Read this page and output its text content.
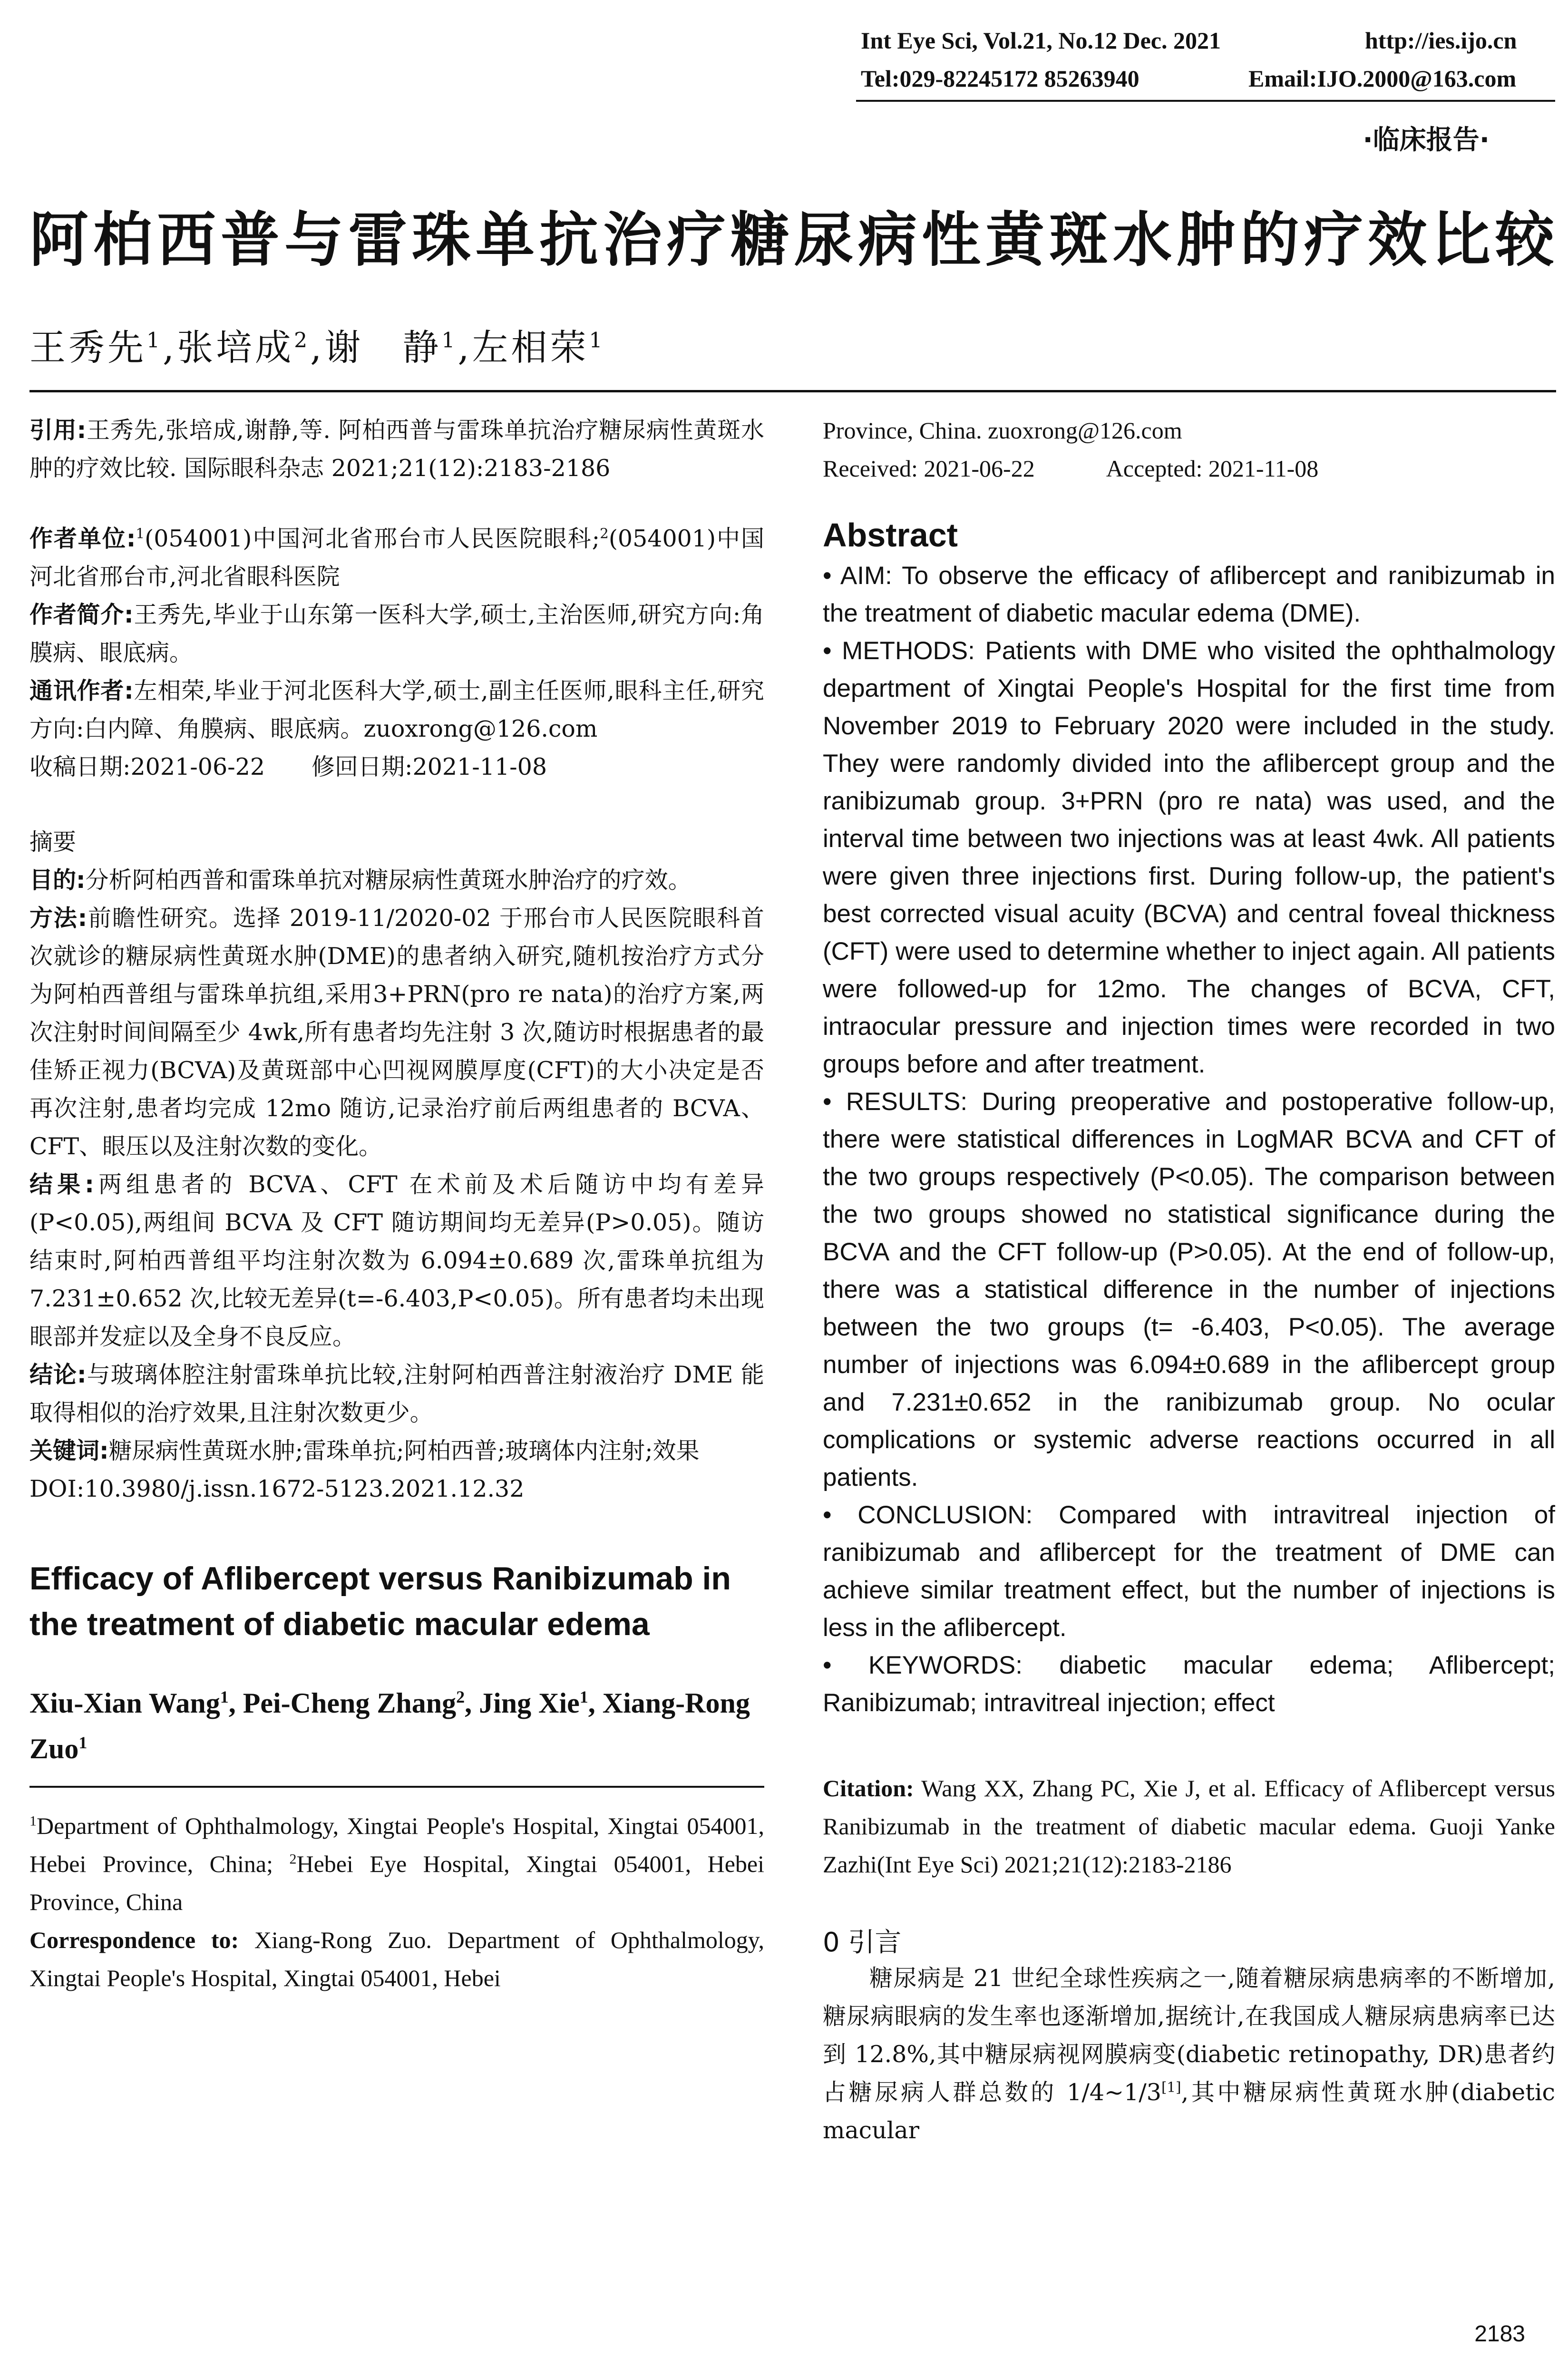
Int Eye Sci, Vol.21, No.12 Dec. 2021	http://ies.ijo.cn
Tel:029-82245172 85263940	Email:IJO.2000@163.com
·临床报告·
阿柏西普与雷珠单抗治疗糖尿病性黄斑水肿的疗效比较
王秀先$^1$,张培成$^2$,谢　静$^1$,左相荣$^1$

引用:王秀先,张培成,谢静,等. 阿柏西普与雷珠单抗治疗糖尿病性黄斑水肿的疗效比较. 国际眼科杂志 2021;21(12):2183-2186

作者单位:$^1$(054001)中国河北省邢台市人民医院眼科;$^2$(054001)中国河北省邢台市,河北省眼科医院

作者简介:王秀先,毕业于山东第一医科大学,硕士,主治医师,研究方向:角膜病、眼底病。

通讯作者:左相荣,毕业于河北医科大学,硕士,副主任医师,眼科主任,研究方向:白内障、角膜病、眼底病。zuoxrong@126.com

收稿日期:2021-06-22　　修回日期:2021-11-08

摘要

目的:分析阿柏西普和雷珠单抗对糖尿病性黄斑水肿治疗的疗效。

方法:前瞻性研究。选择 2019-11/2020-02 于邢台市人民医院眼科首次就诊的糖尿病性黄斑水肿(DME)的患者纳入研究,随机按治疗方式分为阿柏西普组与雷珠单抗组,采用3+PRN(pro re nata)的治疗方案,两次注射时间间隔至少 4wk,所有患者均先注射 3 次,随访时根据患者的最佳矫正视力(BCVA)及黄斑部中心凹视网膜厚度(CFT)的大小决定是否再次注射,患者均完成 12mo 随访,记录治疗前后两组患者的 BCVA、CFT、眼压以及注射次数的变化。

结果:两组患者的 BCVA、CFT 在术前及术后随访中均有差异(P<0.05),两组间 BCVA 及 CFT 随访期间均无差异(P>0.05)。随访结束时,阿柏西普组平均注射次数为 6.094±0.689 次,雷珠单抗组为 7.231±0.652 次,比较无差异(t=-6.403,P<0.05)。所有患者均未出现眼部并发症以及全身不良反应。

结论:与玻璃体腔注射雷珠单抗比较,注射阿柏西普注射液治疗 DME 能取得相似的治疗效果,且注射次数更少。

关键词:糖尿病性黄斑水肿;雷珠单抗;阿柏西普;玻璃体内注射;效果

DOI:10.3980/j.issn.1672-5123.2021.12.32

Efficacy of Aflibercept versus Ranibizumab in the treatment of diabetic macular edema

Xiu-Xian Wang$^1$, Pei-Cheng Zhang$^2$, Jing Xie$^1$, Xiang-Rong Zuo$^1$

$^1$Department of Ophthalmology, Xingtai People's Hospital, Xingtai 054001, Hebei Province, China; $^2$Hebei Eye Hospital, Xingtai 054001, Hebei Province, China

Correspondence to: Xiang-Rong Zuo. Department of Ophthalmology, Xingtai People's Hospital, Xingtai 054001, Hebei

Province, China. zuoxrong@126.com

Received: 2021-06-22	Accepted: 2021-11-08

Abstract

• AIM: To observe the efficacy of aflibercept and ranibizumab in the treatment of diabetic macular edema (DME).

• METHODS: Patients with DME who visited the ophthalmology department of Xingtai People's Hospital for the first time from November 2019 to February 2020 were included in the study. They were randomly divided into the aflibercept group and the ranibizumab group. 3+PRN (pro re nata) was used, and the interval time between two injections was at least 4wk. All patients were given three injections first. During follow-up, the patient's best corrected visual acuity (BCVA) and central foveal thickness (CFT) were used to determine whether to inject again. All patients were followed-up for 12mo. The changes of BCVA, CFT, intraocular pressure and injection times were recorded in two groups before and after treatment.

• RESULTS: During preoperative and postoperative follow-up, there were statistical differences in LogMAR BCVA and CFT of the two groups respectively (P<0.05). The comparison between the two groups showed no statistical significance during the BCVA and the CFT follow-up (P>0.05). At the end of follow-up, there was a statistical difference in the number of injections between the two groups (t= -6.403, P<0.05). The average number of injections was 6.094±0.689 in the aflibercept group and 7.231±0.652 in the ranibizumab group. No ocular complications or systemic adverse reactions occurred in all patients.

• CONCLUSION: Compared with intravitreal injection of ranibizumab and aflibercept for the treatment of DME can achieve similar treatment effect, but the number of injections is less in the aflibercept.

• KEYWORDS: diabetic macular edema; Aflibercept; Ranibizumab; intravitreal injection; effect

Citation: Wang XX, Zhang PC, Xie J, et al. Efficacy of Aflibercept versus Ranibizumab in the treatment of diabetic macular edema. Guoji Yanke Zazhi(Int Eye Sci) 2021;21(12):2183-2186

0 引言

糖尿病是 21 世纪全球性疾病之一,随着糖尿病患病率的不断增加,糖尿病眼病的发生率也逐渐增加,据统计,在我国成人糖尿病患病率已达到 12.8%,其中糖尿病视网膜病变(diabetic retinopathy, DR)患者约占糖尿病人群总数的 1/4~1/3[1],其中糖尿病性黄斑水肿(diabetic macular

2183
